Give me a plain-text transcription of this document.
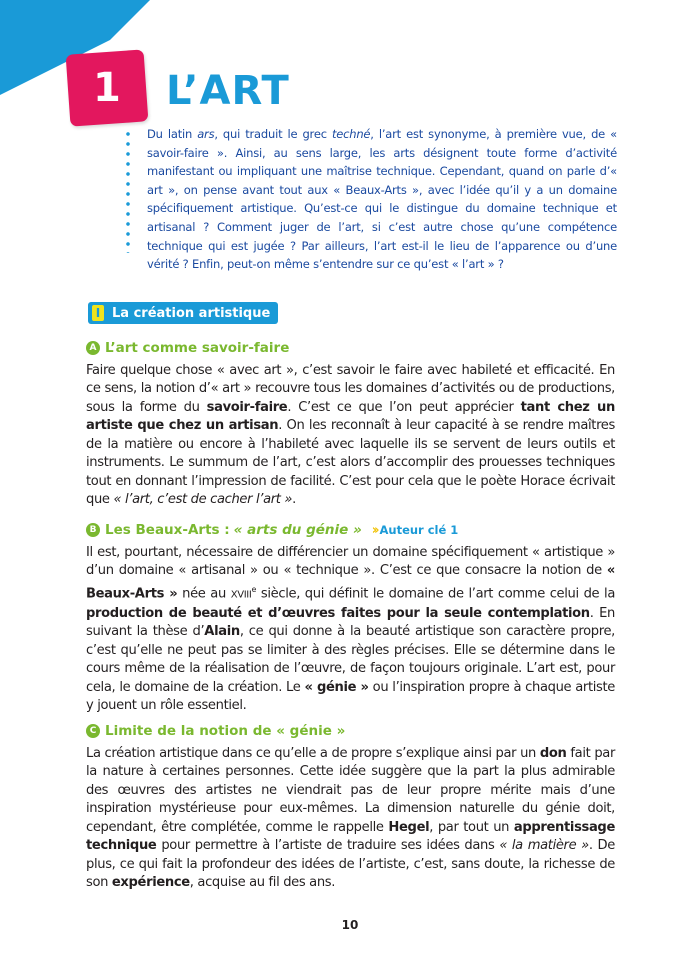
1 L’ART

Du latin ars, qui traduit le grec techné, l’art est synonyme, à première vue, de « savoir-faire ». Ainsi, au sens large, les arts désignent toute forme d’activité manifestant ou impliquant une maîtrise technique. Cependant, quand on parle d’« art », on pense avant tout aux « Beaux-Arts », avec l’idée qu’il y a un domaine spécifiquement artistique. Qu’est-ce qui le distingue du domaine technique et artisanal ? Comment juger de l’art, si c’est autre chose qu’une compétence technique qui est jugée ? Par ailleurs, l’art est-il le lieu de l’apparence ou d’une vérité ? Enfin, peut-on même s’entendre sur ce qu’est « l’art » ?

I La création artistique
A L’art comme savoir-faire

Faire quelque chose « avec art », c’est savoir le faire avec habileté et efficacité. En ce sens, la notion d’« art » recouvre tous les domaines d’activités ou de productions, sous la forme du savoir-faire. C’est ce que l’on peut apprécier tant chez un artiste que chez un artisan. On les reconnaît à leur capacité à se rendre maîtres de la matière ou encore à l’habileté avec laquelle ils se servent de leurs outils et instruments. Le summum de l’art, c’est alors d’accomplir des prouesses techniques tout en donnant l’impression de facilité. C’est pour cela que le poète Horace écrivait que « l’art, c’est de cacher l’art ».

B Les Beaux-Arts : « arts du génie » ›› Auteur clé 1

Il est, pourtant, nécessaire de différencier un domaine spécifiquement « artistique » d’un domaine « artisanal » ou « technique ». C’est ce que consacre la notion de « Beaux-Arts » née au XVIIIe siècle, qui définit le domaine de l’art comme celui de la production de beauté et d’œuvres faites pour la seule contemplation. En suivant la thèse d’Alain, ce qui donne à la beauté artistique son caractère propre, c’est qu’elle ne peut pas se limiter à des règles précises. Elle se détermine dans le cours même de la réalisation de l’œuvre, de façon toujours originale. L’art est, pour cela, le domaine de la création. Le « génie » ou l’inspiration propre à chaque artiste y jouent un rôle essentiel.

C Limite de la notion de « génie »

La création artistique dans ce qu’elle a de propre s’explique ainsi par un don fait par la nature à certaines personnes. Cette idée suggère que la part la plus admirable des œuvres des artistes ne viendrait pas de leur propre mérite mais d’une inspiration mystérieuse pour eux-mêmes. La dimension naturelle du génie doit, cependant, être complétée, comme le rappelle Hegel, par tout un apprentissage technique pour permettre à l’artiste de traduire ses idées dans « la matière ». De plus, ce qui fait la profondeur des idées de l’artiste, c’est, sans doute, la richesse de son expérience, acquise au fil des ans.

10
